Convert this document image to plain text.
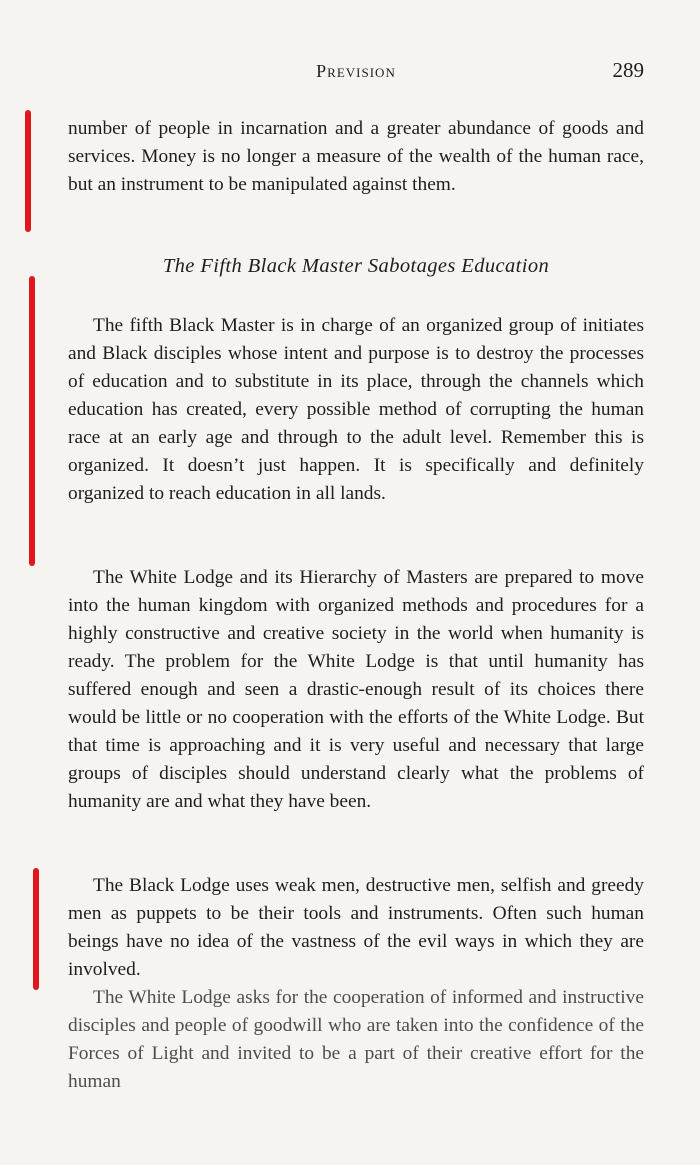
Prevision	289

number of people in incarnation and a greater abundance of goods and services. Money is no longer a measure of the wealth of the human race, but an instrument to be manipulated against them.

The Fifth Black Master Sabotages Education

The fifth Black Master is in charge of an organized group of initiates and Black disciples whose intent and purpose is to destroy the processes of education and to substitute in its place, through the channels which education has created, every possible method of corrupting the human race at an early age and through to the adult level. Remember this is organized. It doesn’t just happen. It is specifically and definitely organized to reach education in all lands.

The White Lodge and its Hierarchy of Masters are prepared to move into the human kingdom with organized methods and procedures for a highly constructive and creative society in the world when humanity is ready. The problem for the White Lodge is that until humanity has suffered enough and seen a drastic-enough result of its choices there would be little or no cooperation with the efforts of the White Lodge. But that time is approaching and it is very useful and necessary that large groups of disciples should understand clearly what the problems of humanity are and what they have been.

The Black Lodge uses weak men, destructive men, selfish and greedy men as puppets to be their tools and instruments. Often such human beings have no idea of the vastness of the evil ways in which they are involved.

The White Lodge asks for the cooperation of informed and instructive disciples and people of goodwill who are taken into the confidence of the Forces of Light and invited to be a part of their creative effort for the human
